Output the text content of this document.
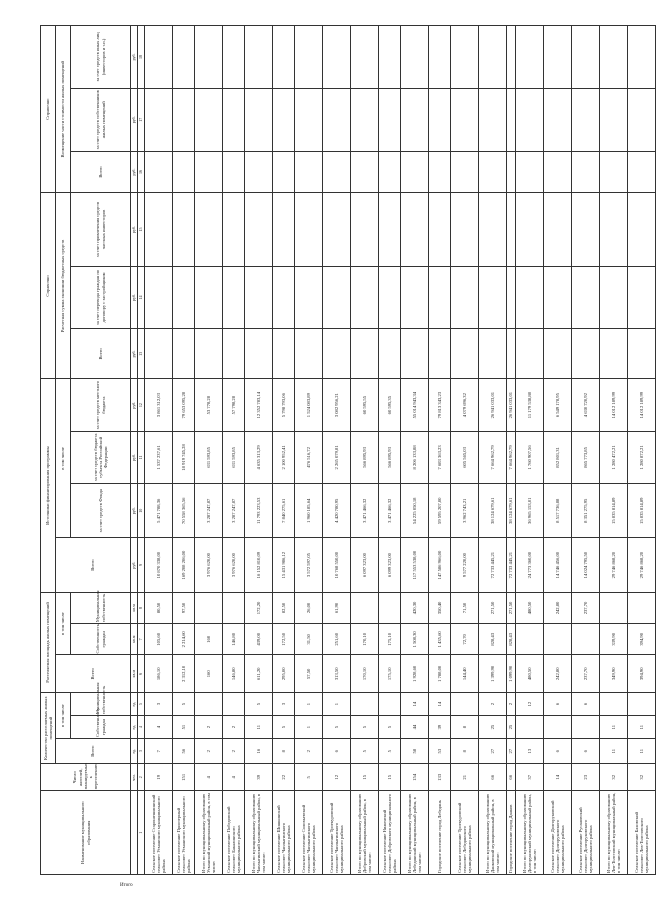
Итого
Наименование муниципального образования	Число жителей, планируемых к переселению	Количество расселяемых жилых помещений			Расселяемая площадь жилых помещений			Источники финансирования программы				Справочно			Справочно		
		Всего	в том числе		Всего	в том числе		Всего	в том числе			Расчетная сумма экономии бюджетных средств			Возмещение части стоимости жилых помещений		
			Собственность граждан	Муниципальная собственность		Собственность граждан	Муниципальная собственность		за счет средств Фонда	за счет средств бюджета субъекта Российской Федерации	за счет средств местного бюджета	Всего	за счет перевода граждан по договору с застройщиком	за счет привлечения средств частных инвесторов	Всего	за счет средств собственников жилых помещений	за счет средств иных лиц (инвесторов и т.п.)
	чел.	ед.	ед.	ед.	кв.м	кв.м	кв.м	руб.	руб.	руб.	руб.	руб.	руб.	руб.	руб.	руб.	руб.
1	2	3	4	5	6	7	8	9	10	11	12	13	14	15	16	17	18
Сельское поселение Старошешминский сельсовет Усманского муниципального района	19	7	4	3	186,10	105,60	80,50	10 870 338,00	5 471 788,36	1 537 237,61	3 861 312,03						
Сельское поселение Приозерный сельсовет Усманского муниципального района	151	56	51	5	2 312,10	2 214,60	97,50	169 208 206,00	70 558 365,56	18 919 745,28	79 653 095,28						
Итого по муниципальному образованию Усманский муниципальный район, в том числе:	4	2	2		160	160		3 976 620,00	3 287 247,87	631 593,85	53 778,28						
Сельское поселение Победовский сельсовет Бакалинского муниципального района	4	2	2		146,80	146,80		3 976 620,00	3 287 247,87	631 593,85	57 798,28						
Итого по муниципальному образованию Чаплыгинский муниципальный район, в том числе:	39	16	11	5	611,20	439,00	172,20	16 152 810,09	11 793 223,53	4 635 313,29	12 352 783,14						
Сельское поселение Шишкинский сельсовет Чаплыгинского муниципального района	22	8	5	3	295,00	172,50	82,50	15 431 986,12	7 840 275,61	2 100 952,41	5 798 793,06						
Сельское поселение Соловьевский сельсовет Чаплыгинского муниципального района	5	2	1	1	57,50	31,50	26,00	3 572 597,05	1 960 185,64	476 516,72	1 524 083,89						
Сельское поселение Троекуровский сельсовет Чаплыгинского муниципального района	12	6	5	1	313,50	251,60	61,90	10 768 550,00	4 420 780,95	2 265 079,81	3 082 956,21						
Итого по муниципальному образованию Добровский муниципальный район, в том числе:	15	5	5		170,10	170,10		6 097 323,00	3 471 466,32	566 895,93	60 595,55						
Сельское поселение Ниженский сельсовет Добровского муниципального района	15	5	5		175,10	175,10		6 099 323,00	3 471 466,32	566 895,93	60 595,35						
Итого по муниципальному образованию Лебедянский муниципальный район, в том числе:	154	58	44	14	1 928,60	1 508,30	420,30	117 553 538,00	54 225 050,18	8 206 133,88	55 014 943,34						
Городское поселение город Лебедянь	133	53	39	14	1 788,00	1 435,60	350,40	147 586 966,00	59 595 207,00	7 683 363,23	79 813 343,23						
Сельское поселение Троекуровский сельсовет Лебедянского муниципального района	21	8	8		144,40	72,70	71,50	9 577 220,00	3 962 743,21	605 565,03	4 079 696,32						
Итого по муниципальному образованию Данковский муниципальный район, в том числе:	66	27	25	2	1 399,90	828,43	271,50	72 733 445,21	38 124 679,61	7 664 962,79	26 941 033,01						
Городское поселение город Данков	66	27	25	2	1 099,90	828,43	271,50	72 733 445,21	38 124 679,61	7 664 962,79	26 941 033,01						
Итого по муниципальному образованию Долгоруковский муниципальный район, в том числе:	37	13		12	480,50		480,50	24 773 360,00	36 965 153,01	1 760 907,56	11 179 538,88						
Сельское поселение Долгоруковский сельсовет Долгоруковского муниципального района	14	6		6	242,80		242,80	14 746 456,00	8 517 736,88	852 801,31	6 549 178,95						
Сельское поселение Русановский сельсовет Долгоруковского муниципального района	23	6		6	237,70		237,70	14 024 795,50	8 351 275,95	865 773,85	4 630 720,92						
Итого по муниципальному образованию Лев-Толстовский муниципальный район, в том числе:	32	11	11		349,90	339,90		29 746 868,20	15 835 814,89	1 280 472,21	14 012 189,99						
Сельское поселение Баховский сельсовет Лев-Толстовского муниципального района	32	11	11		394,90	394,90		29 746 868,20	15 835 814,89	1 280 872,21	14 012 189,99						
